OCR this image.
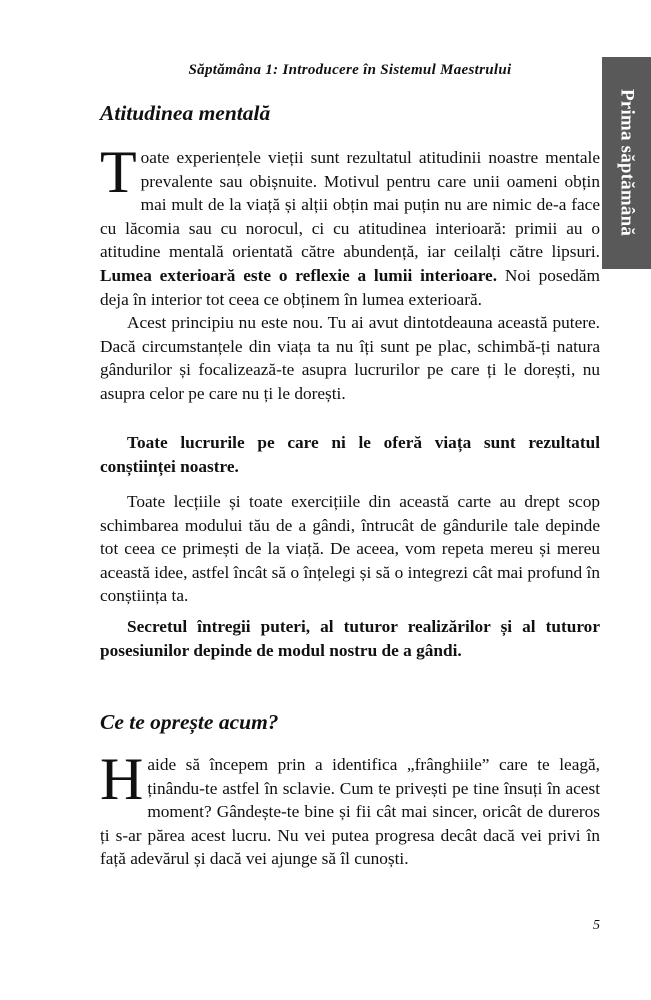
Săptămâna 1: Introducere în Sistemul Maestrului
Prima săptămână
Atitudinea mentală

Toate experiențele vieții sunt rezultatul atitudinii noastre mentale prevalente sau obișnuite. Motivul pentru care unii oameni obțin mai mult de la viață și alții obțin mai puțin nu are nimic de-a face cu lăcomia sau cu norocul, ci cu atitudinea interioară: primii au o atitudine mentală orientată către abundență, iar ceilalți către lipsuri. Lumea exterioară este o reflexie a lumii interioare. Noi posedăm deja în interior tot ceea ce obținem în lumea exterioară.

Acest principiu nu este nou. Tu ai avut dintotdeauna această putere. Dacă circumstanțele din viața ta nu îți sunt pe plac, schimbă-ți natura gândurilor și focalizează-te asupra lucrurilor pe care ți le dorești, nu asupra celor pe care nu ți le dorești.

Toate lucrurile pe care ni le oferă viața sunt rezultatul conștiinței noastre.

Toate lecțiile și toate exercițiile din această carte au drept scop schimbarea modului tău de a gândi, întrucât de gândurile tale depinde tot ceea ce primești de la viață. De aceea, vom repeta mereu și mereu această idee, astfel încât să o înțelegi și să o integrezi cât mai profund în conștiința ta.

Secretul întregii puteri, al tuturor realizărilor și al tuturor posesiunilor depinde de modul nostru de a gândi.

Ce te oprește acum?

Haide să începem prin a identifica „frânghiile” care te leagă, ținându-te astfel în sclavie. Cum te privești pe tine însuți în acest moment? Gândește-te bine și fii cât mai sincer, oricât de dureros ți s-ar părea acest lucru. Nu vei putea progresa decât dacă vei privi în față adevărul și dacă vei ajunge să îl cunoști.

5
